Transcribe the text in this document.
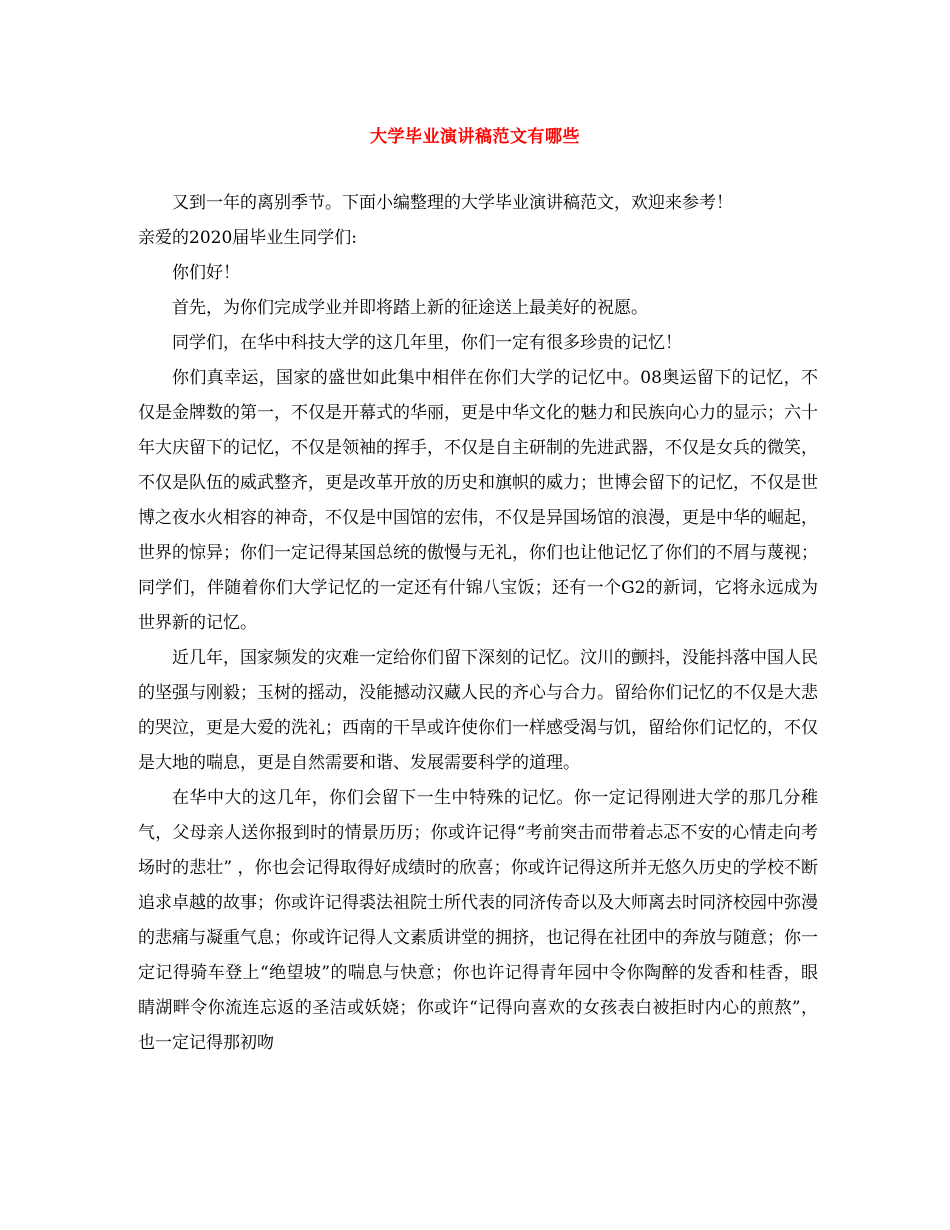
大学毕业演讲稿范文有哪些

又到一年的离别季节。下面小编整理的大学毕业演讲稿范文，欢迎来参考！

亲爱的2020届毕业生同学们:

你们好！

首先，为你们完成学业并即将踏上新的征途送上最美好的祝愿。

同学们，在华中科技大学的这几年里，你们一定有很多珍贵的记忆！

你们真幸运，国家的盛世如此集中相伴在你们大学的记忆中。08奥运留下的记忆，不仅是金牌数的第一，不仅是开幕式的华丽，更是中华文化的魅力和民族向心力的显示；六十年大庆留下的记忆，不仅是领袖的挥手，不仅是自主研制的先进武器，不仅是女兵的微笑，不仅是队伍的威武整齐，更是改革开放的历史和旗帜的威力；世博会留下的记忆，不仅是世博之夜水火相容的神奇，不仅是中国馆的宏伟，不仅是异国场馆的浪漫，更是中华的崛起，世界的惊异；你们一定记得某国总统的傲慢与无礼，你们也让他记忆了你们的不屑与蔑视；同学们，伴随着你们大学记忆的一定还有什锦八宝饭；还有一个G2的新词，它将永远成为世界新的记忆。

近几年，国家频发的灾难一定给你们留下深刻的记忆。汶川的颤抖，没能抖落中国人民的坚强与刚毅；玉树的摇动，没能撼动汉藏人民的齐心与合力。留给你们记忆的不仅是大悲的哭泣，更是大爱的洗礼；西南的干旱或许使你们一样感受渴与饥，留给你们记忆的，不仅是大地的喘息，更是自然需要和谐、发展需要科学的道理。

在华中大的这几年，你们会留下一生中特殊的记忆。你一定记得刚进大学的那几分稚气，父母亲人送你报到时的情景历历；你或许记得“考前突击而带着忐忑不安的心情走向考场时的悲壮” ，你也会记得取得好成绩时的欣喜；你或许记得这所并无悠久历史的学校不断追求卓越的故事；你或许记得裘法祖院士所代表的同济传奇以及大师离去时同济校园中弥漫的悲痛与凝重气息；你或许记得人文素质讲堂的拥挤，也记得在社团中的奔放与随意；你一定记得骑车登上“绝望坡”的喘息与快意；你也许记得青年园中令你陶醉的发香和桂香，眼睛湖畔令你流连忘返的圣洁或妖娆；你或许“记得向喜欢的女孩表白被拒时内心的煎熬”，也一定记得那初吻
